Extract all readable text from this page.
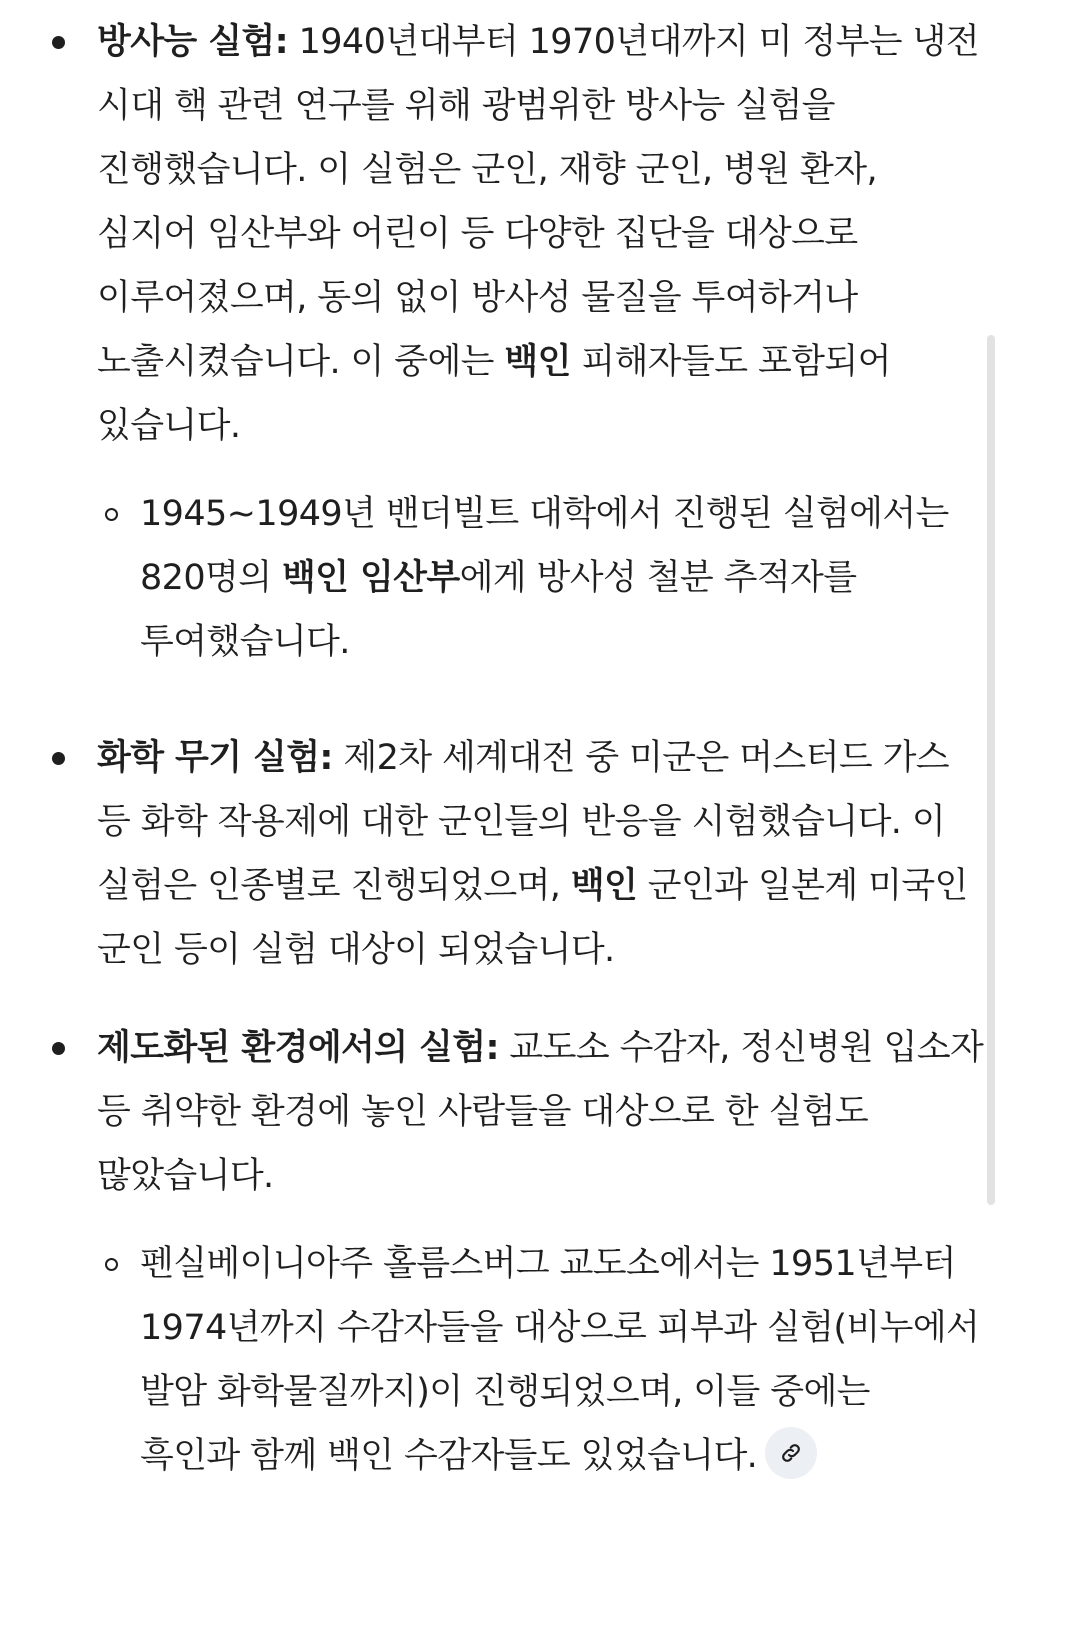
방사능 실험: 1940년대부터 1970년대까지 미 정부는 냉전 시대 핵 관련 연구를 위해 광범위한 방사능 실험을 진행했습니다. 이 실험은 군인, 재향 군인, 병원 환자, 심지어 임산부와 어린이 등 다양한 집단을 대상으로 이루어졌으며, 동의 없이 방사성 물질을 투여하거나 노출시켰습니다. 이 중에는 백인 피해자들도 포함되어 있습니다.

1945~1949년 밴더빌트 대학에서 진행된 실험에서는 820명의 백인 임산부에게 방사성 철분 추적자를 투여했습니다.

화학 무기 실험: 제2차 세계대전 중 미군은 머스터드 가스 등 화학 작용제에 대한 군인들의 반응을 시험했습니다. 이 실험은 인종별로 진행되었으며, 백인 군인과 일본계 미국인 군인 등이 실험 대상이 되었습니다.

제도화된 환경에서의 실험: 교도소 수감자, 정신병원 입소자 등 취약한 환경에 놓인 사람들을 대상으로 한 실험도 많았습니다.

펜실베이니아주 홀름스버그 교도소에서는 1951년부터 1974년까지 수감자들을 대상으로 피부과 실험(비누에서 발암 화학물질까지)이 진행되었으며, 이들 중에는 흑인과 함께 백인 수감자들도 있었습니다.
